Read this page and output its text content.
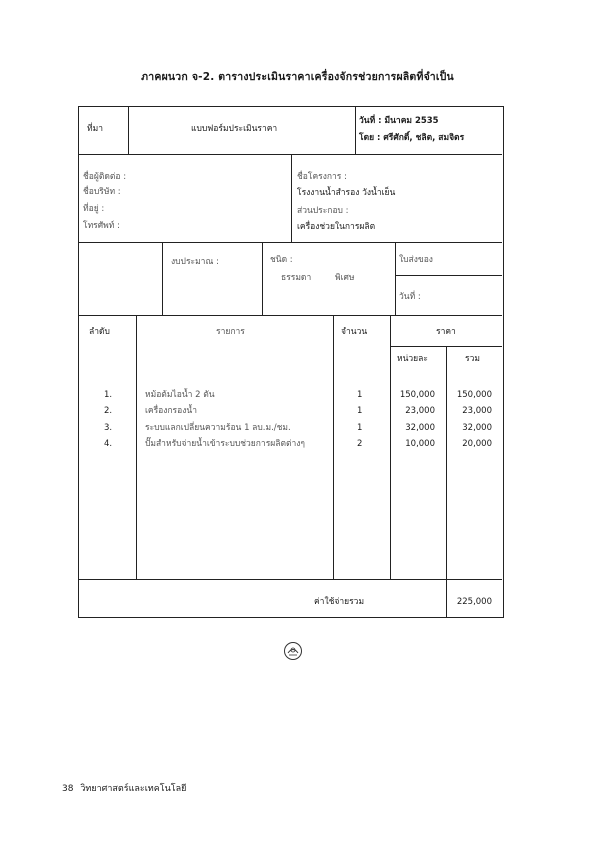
ภาคผนวก จ-2. ตารางประเมินราคาเครื่องจักรช่วยการผลิตที่จำเป็น
ที่มา	แบบฟอร์มประเมินราคา
วันที่ : มีนาคม 2535
โดย : ศรีศักดิ์, ชลิต, สมจิตร
ชื่อผู้ติดต่อ :
ชื่อบริษัท :
ที่อยู่ :
โทรศัพท์ :
ชื่อโครงการ :
โรงงานน้ำสำรอง วังน้ำเย็น
ส่วนประกอบ :
เครื่องช่วยในการผลิต
งบประมาณ :	ชนิด :
ธรรมดา	พิเศษ
ใบส่งของ
วันที่ :
ลำดับ	รายการ	จำนวน	ราคา
หน่วยละ	รวม
1.	หม้อต้มไอน้ำ 2 ตัน	1	150,000	150,000
2.	เครื่องกรองน้ำ	1	23,000	23,000
3.	ระบบแลกเปลี่ยนความร้อน 1 ลบ.ม./ชม.	1	32,000	32,000
4.	ปั๊มสำหรับจ่ายน้ำเข้าระบบช่วยการผลิตต่างๆ	2	10,000	20,000
ค่าใช้จ่ายรวม	225,000
38 วิทยาศาสตร์และเทคโนโลยี
